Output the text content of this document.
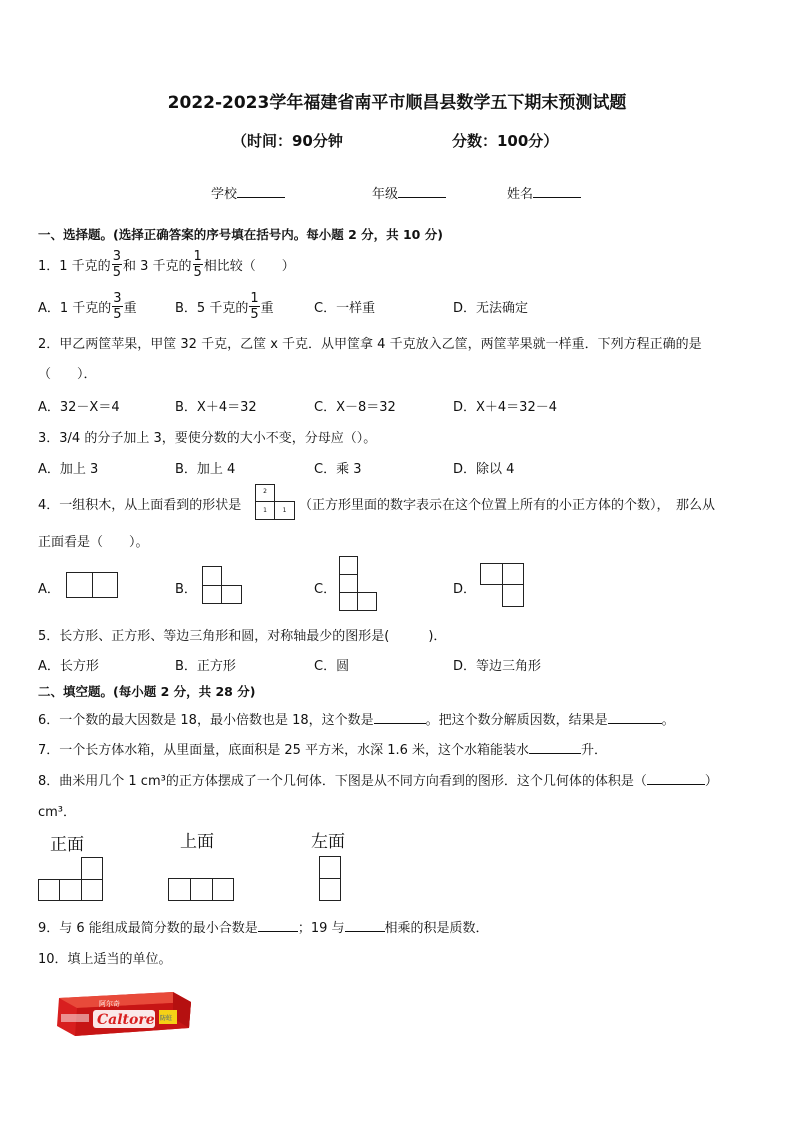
2022-2023学年福建省南平市顺昌县数学五下期末预测试题
（时间：90分钟	分数：100分）
学校	年级	姓名
一、选择题。(选择正确答案的序号填在括号内。每小题 2 分，共 10 分)
1．1 千克的 $\frac{3}{5}$ 和 3 千克的 $\frac{1}{5}$ 相比较（　　）
A．1 千克的 $\frac{3}{5}$ 重	B．5 千克的 $\frac{1}{5}$ 重	C．一样重	D．无法确定
2．甲乙两筐苹果，甲筐 32 千克，乙筐 x 千克．从甲筐拿 4 千克放入乙筐，两筐苹果就一样重．下列方程正确的是
（　　）．
A．32－X＝4	B．X＋4＝32	C．X－8＝32	D．X＋4＝32－4
3．3/4 的分子加上 3，要使分数的大小不变，分母应（）。
A．加上 3	B．加上 4	C．乘 3	D．除以 4
4．一组积木，从上面看到的形状是
2
1	1 （正方形里面的数字表示在这个位置上所有的小正方体的个数），　那么从
正面看是（　　）。
A．	B．	C．	D．
5．长方形、正方形、等边三角形和圆，对称轴最少的图形是(　　　)．
A．长方形	B．正方形	C．圆	D．等边三角形
二、填空题。(每小题 2 分，共 28 分)
6．一个数的最大因数是 18，最小倍数也是 18，这个数是	。把这个数分解质因数，结果是	。
7．一个长方体水箱，从里面量，底面积是 25 平方米，水深 1.6 米，这个水箱能装水	升．
8．曲米用几个 1 cm³的正方体摆成了一个几何体．下图是从不同方向看到的图形．这个几何体的体积是（	）
cm³．
正面	上面	左面
9．与 6 能组成最简分数的最小合数是	；19 与	相乘的积是质数．
10．填上适当的单位。
Caltore
阿尔奇
防蛀
